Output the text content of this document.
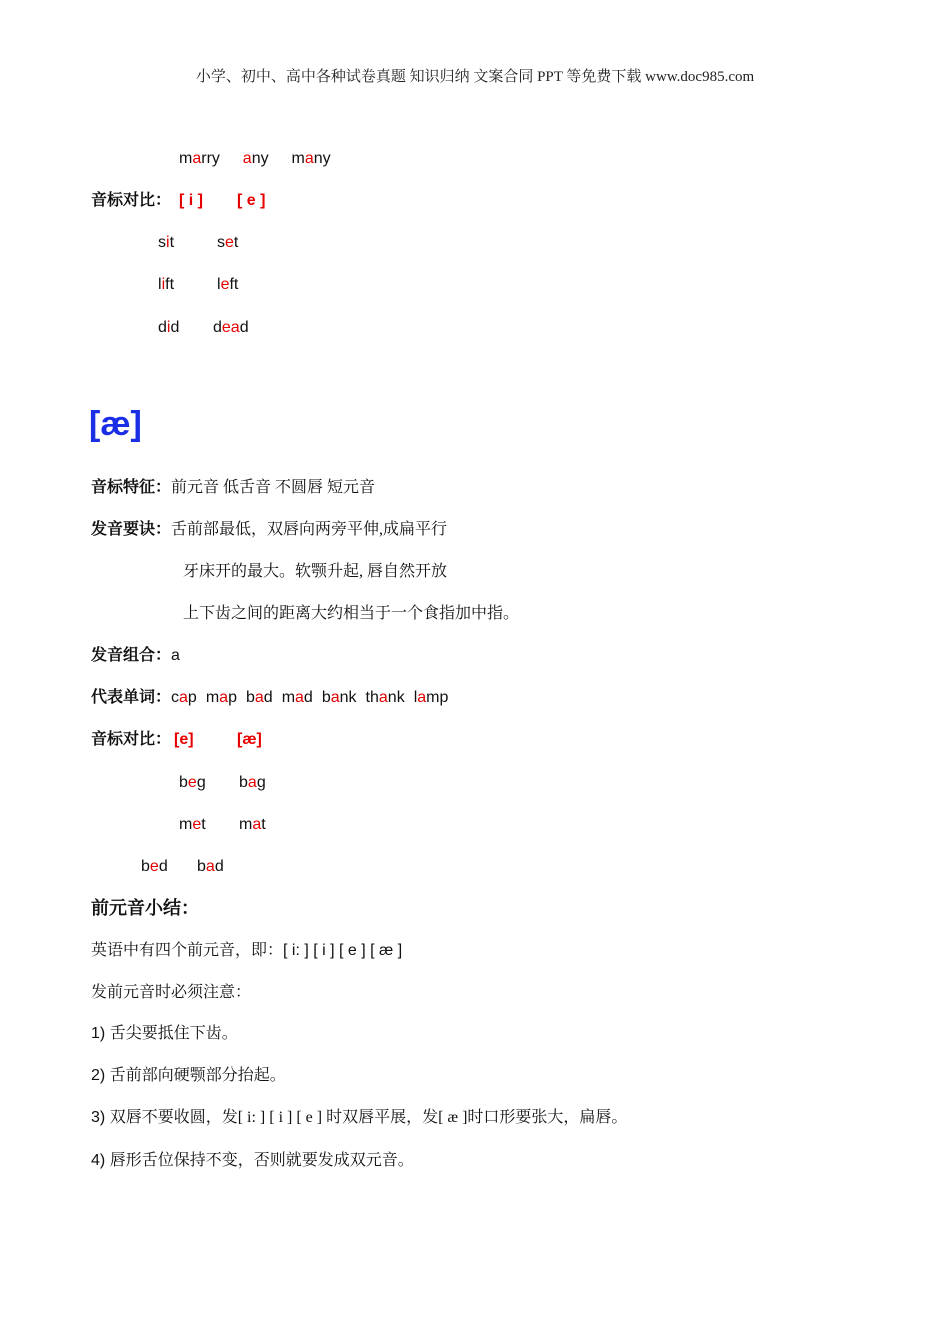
小学、初中、高中各种试卷真题 知识归纳 文案合同 PPT 等免费下载 www.doc985.com
marry any many
音标对比： [ i ] [ e ]
sit	set
lift	left
did dead
[æ]
音标特征：前元音 低舌音 不圆唇 短元音
发音要诀：舌前部最低，双唇向两旁平伸,成扁平行
牙床开的最大。软颚升起, 唇自然开放
上下齿之间的距离大约相当于一个食指加中指。
发音组合：a
代表单词：cap map bad mad bank thank lamp
音标对比： [e]	[æ]
beg bag
met mat
bed bad
前元音小结：
英语中有四个前元音，即：[ i: ] [ i ] [ e ] [ æ ]
发前元音时必须注意：
1) 舌尖要抵住下齿。
2) 舌前部向硬颚部分抬起。
3) 双唇不要收圆，发[ i: ] [ i ] [ e ] 时双唇平展，发[ æ ]时口形要张大，扁唇。
4) 唇形舌位保持不变，否则就要发成双元音。
